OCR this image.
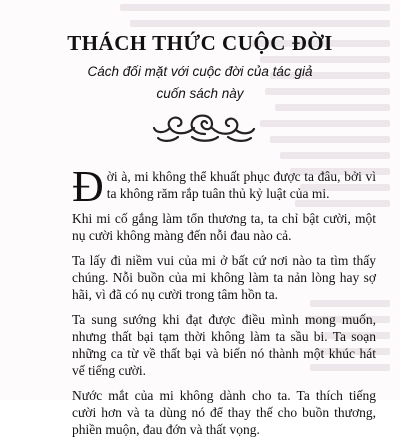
THÁCH THỨC CUỘC ĐỜI
Cách đối mặt với cuộc đời của tác giả
cuốn sách này

Đời à, mi không thể khuất phục được ta đâu, bởi vì ta không răm rắp tuân thủ kỷ luật của mi.

Khi mi cố gắng làm tổn thương ta, ta chỉ bật cười, một nụ cười không màng đến nỗi đau nào cả.

Ta lấy đi niềm vui của mi ở bất cứ nơi nào ta tìm thấy chúng. Nỗi buồn của mi không làm ta nản lòng hay sợ hãi, vì đã có nụ cười trong tâm hồn ta.

Ta sung sướng khi đạt được điều mình mong muốn, nhưng thất bại tạm thời không làm ta sầu bi. Ta soạn những ca từ về thất bại và biến nó thành một khúc hát vế tiếng cười.

Nước mắt của mi không dành cho ta. Ta thích tiếng cười hơn và ta dùng nó để thay thế cho buồn thương, phiền muộn, đau đớn và thất vọng.
